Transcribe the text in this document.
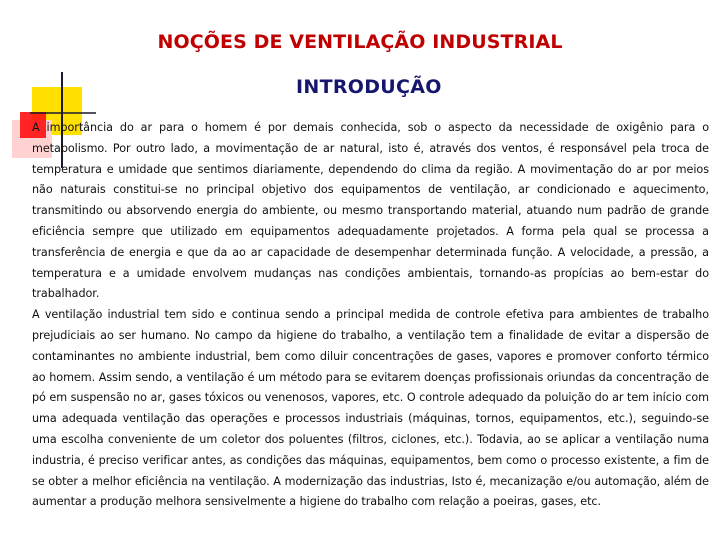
NOÇÕES DE VENTILAÇÃO INDUSTRIAL
INTRODUÇÃO

A importância do ar para o homem é por demais conhecida, sob o aspecto da necessidade de oxigênio para o metabolismo. Por outro lado, a movimentação de ar natural, isto é, através dos ventos, é responsável pela troca de temperatura e umidade que sentimos diariamente, dependendo do clima da região. A movimentação do ar por meios não naturais constitui-se no principal objetivo dos equipamentos de ventilação, ar condicionado e aquecimento, transmitindo ou absorvendo energia do ambiente, ou mesmo transportando material, atuando num padrão de grande eficiência sempre que utilizado em equipamentos adequadamente projetados. A forma pela qual se processa a transferência de energia e que da ao ar capacidade de desempenhar determinada função. A velocidade, a pressão, a temperatura e a umidade envolvem mudanças nas condições ambientais, tornando-as propícias ao bem-estar do trabalhador.

A ventilação industrial tem sido e continua sendo a principal medida de controle efetiva para ambientes de trabalho prejudiciais ao ser humano. No campo da higiene do trabalho, a ventilação tem a finalidade de evitar a dispersão de contaminantes no ambiente industrial, bem como diluir concentrações de gases, vapores e promover conforto térmico ao homem. Assim sendo, a ventilação é um método para se evitarem doenças profissionais oriundas da concentração de pó em suspensão no ar, gases tóxicos ou venenosos, vapores, etc. O controle adequado da poluição do ar tem início com uma adequada ventilação das operações e processos industriais (máquinas, tornos, equipamentos, etc.), seguindo-se uma escolha conveniente de um coletor dos poluentes (filtros, ciclones, etc.). Todavia, ao se aplicar a ventilação numa industria, é preciso verificar antes, as condições das máquinas, equipamentos, bem como o processo existente, a fim de se obter a melhor eficiência na ventilação. A modernização das industrias, Isto é, mecanização e/ou automação, além de aumentar a produção melhora sensivelmente a higiene do trabalho com relação a poeiras, gases, etc.
